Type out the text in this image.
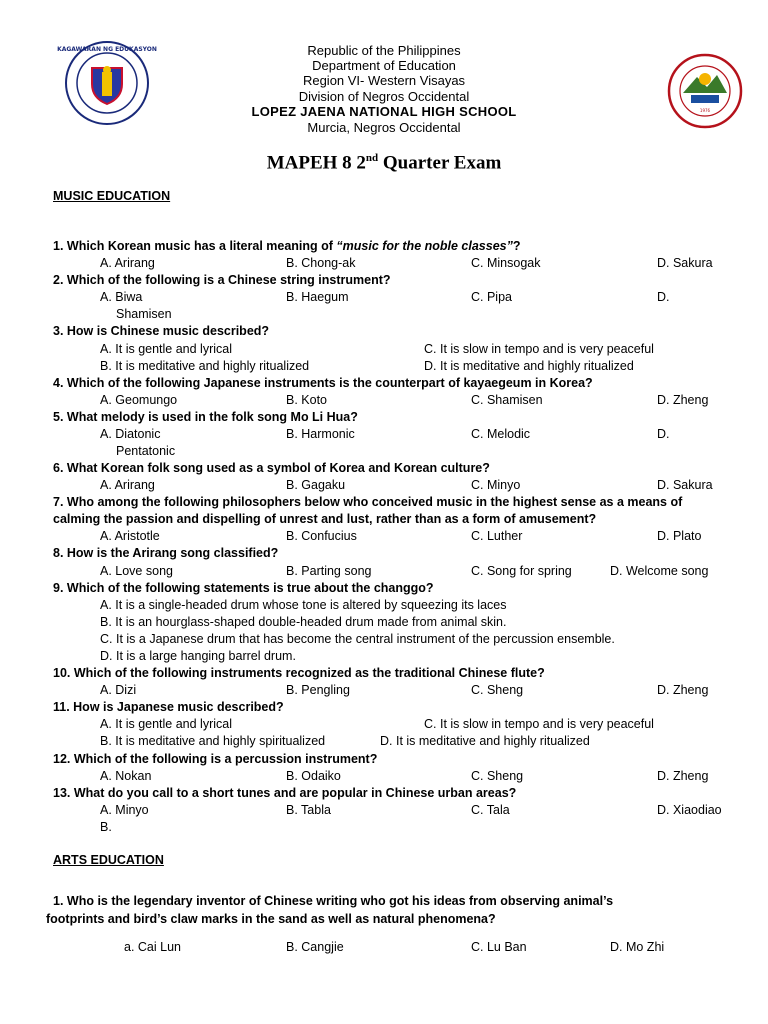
KAGAWARAN NG EDUKASYON
1976
Republic of the Philippines
Department of Education
Region VI- Western Visayas
Division of Negros Occidental
LOPEZ JAENA NATIONAL HIGH SCHOOL
Murcia, Negros Occidental
MAPEH 8 2nd Quarter Exam
MUSIC EDUCATION
1. Which Korean music has a literal meaning of “music for the noble classes”?
A. Arirang	B. Chong-ak	C. Minsogak	D. Sakura
2. Which of the following is a Chinese string instrument?
A. Biwa	B. Haegum	C. Pipa	D.
Shamisen
3. How is Chinese music described?
A. It is gentle and lyrical	C. It is slow in tempo and is very peaceful
B. It is meditative and highly ritualized	D. It is meditative and highly ritualized
4. Which of the following Japanese instruments is the counterpart of kayaegeum in Korea?
A. Geomungo	B. Koto	C. Shamisen	D. Zheng
5. What melody is used in the folk song Mo Li Hua?
A. Diatonic	B. Harmonic	C. Melodic	D.
Pentatonic
6. What Korean folk song used as a symbol of Korea and Korean culture?
A. Arirang	B. Gagaku	C. Minyo	D. Sakura
7. Who among the following philosophers below who conceived music in the highest sense as a means of
calming the passion and dispelling of unrest and lust, rather than as a form of amusement?
A. Aristotle	B. Confucius	C. Luther	D. Plato
8. How is the Arirang song classified?
A. Love song	B. Parting song	C. Song for spring	D. Welcome song
9. Which of the following statements is true about the changgo?
A. It is a single-headed drum whose tone is altered by squeezing its laces
B. It is an hourglass-shaped double-headed drum made from animal skin.
C. It is a Japanese drum that has become the central instrument of the percussion ensemble.
D. It is a large hanging barrel drum.
10. Which of the following instruments recognized as the traditional Chinese flute?
A. Dizi	B. Pengling	C. Sheng	D. Zheng
11. How is Japanese music described?
A. It is gentle and lyrical	C. It is slow in tempo and is very peaceful
B. It is meditative and highly spiritualized	D. It is meditative and highly ritualized
12. Which of the following is a percussion instrument?
A. Nokan	B. Odaiko	C. Sheng	D. Zheng
13. What do you call to a short tunes and are popular in Chinese urban areas?
A. Minyo	B. Tabla	C. Tala	D. Xiaodiao
B.
ARTS EDUCATION
1. Who is the legendary inventor of Chinese writing who got his ideas from observing animal’s
footprints and bird’s claw marks in the sand as well as natural phenomena?
a. Cai Lun	B. Cangjie	C. Lu Ban	D. Mo Zhi
